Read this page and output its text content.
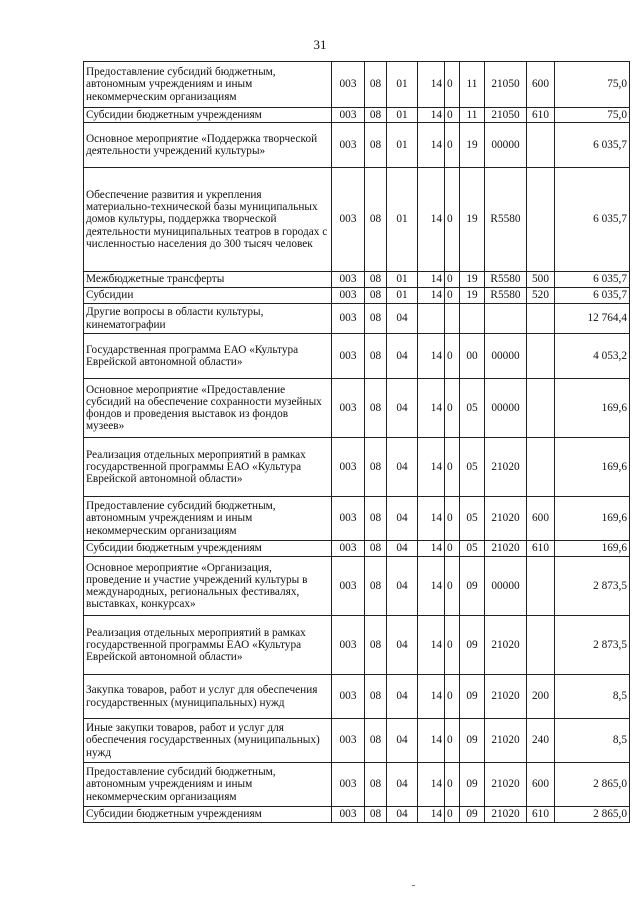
31
Предоставление субсидий бюджетным, автономным учреждениям и иным некоммерческим организациям	003	08	01	14	0	11	21050	600	75,0
Субсидии бюджетным учреждениям	003	08	01	14	0	11	21050	610	75,0
Основное мероприятие «Поддержка творческой деятельности учреждений культуры»	003	08	01	14	0	19	00000		6 035,7
Обеспечение развития и укрепления материально-технической базы муниципальных домов культуры, поддержка творческой деятельности муниципальных театров в городах с численностью населения до 300 тысяч человек	003	08	01	14	0	19	R5580		6 035,7
Межбюджетные трансферты	003	08	01	14	0	19	R5580	500	6 035,7
Субсидии	003	08	01	14	0	19	R5580	520	6 035,7
Другие вопросы в области культуры, кинематографии	003	08	04						12 764,4
Государственная программа ЕАО «Культура Еврейской автономной области»	003	08	04	14	0	00	00000		4 053,2
Основное мероприятие «Предоставление субсидий на обеспечение сохранности музейных фондов и проведения выставок из фондов музеев»	003	08	04	14	0	05	00000		169,6
Реализация отдельных мероприятий в рамках государственной программы ЕАО «Культура Еврейской автономной области»	003	08	04	14	0	05	21020		169,6
Предоставление субсидий бюджетным, автономным учреждениям и иным некоммерческим организациям	003	08	04	14	0	05	21020	600	169,6
Субсидии бюджетным учреждениям	003	08	04	14	0	05	21020	610	169,6
Основное мероприятие «Организация, проведение и участие учреждений культуры в международных, региональных фестивалях, выставках, конкурсах»	003	08	04	14	0	09	00000		2 873,5
Реализация отдельных мероприятий в рамках государственной программы ЕАО «Культура Еврейской автономной области»	003	08	04	14	0	09	21020		2 873,5
Закупка товаров, работ и услуг для обеспечения государственных (муниципальных) нужд	003	08	04	14	0	09	21020	200	8,5
Иные закупки товаров, работ и услуг для обеспечения государственных (муниципальных) нужд	003	08	04	14	0	09	21020	240	8,5
Предоставление субсидий бюджетным, автономным учреждениям и иным некоммерческим организациям	003	08	04	14	0	09	21020	600	2 865,0
Субсидии бюджетным учреждениям	003	08	04	14	0	09	21020	610	2 865,0
